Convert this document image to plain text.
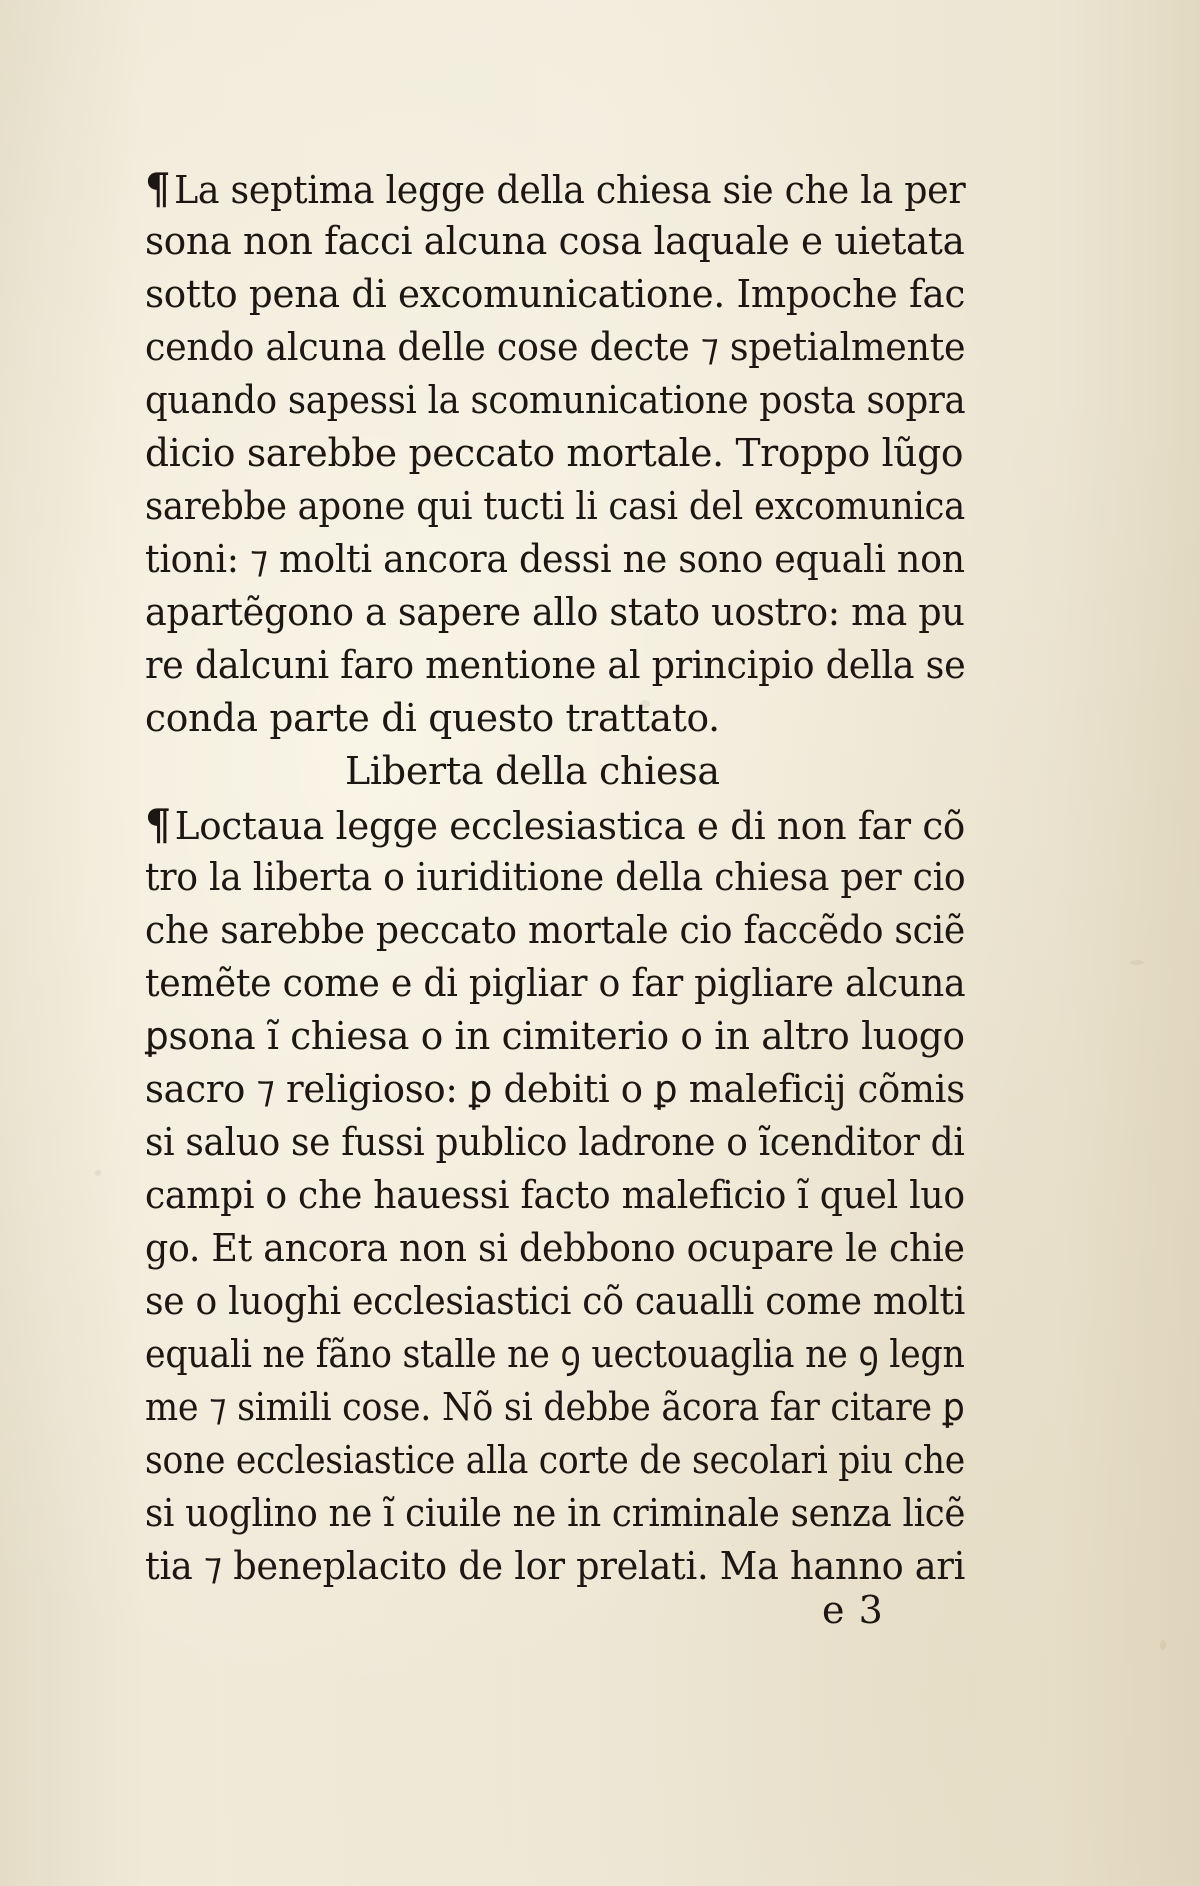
¶ La septima legge della chiesa sie che la per
sona non facci alcuna cosa laquale e uietata
sotto pena di excomunicatione. Impoche fac
cendo alcuna delle cose decte ⁊ spetialmente
quando sapessi la scomunicatione posta sopra
dicio sarebbe peccato mortale. Troppo lũgo
sarebbe apone qui tucti li casi del excomunica
tioni: ⁊ molti ancora dessi ne sono equali non
apartẽgono a sapere allo stato uostro: ma pu
re dalcuni faro mentione al principio della se
conda parte di questo trattato.
Liberta della chiesa
¶ Loctaua legge ecclesiastica e di non far cõ
tro la liberta o iuriditione della chiesa per cio
che sarebbe peccato mortale cio faccẽdo sciẽ
temẽte come e di pigliar o far pigliare alcuna
ꝑsona ĩ chiesa o in cimiterio o in altro luogo
sacro ⁊ religioso: ꝑ debiti o ꝑ maleficij cõmis
si saluo se fussi publico ladrone o ĩcenditor di
campi o che hauessi facto maleficio ĩ quel luo
go. Et ancora non si debbono ocupare le chie
se o luoghi ecclesiastici cõ caualli come molti
equali ne fãno stalle ne ꝯ uectouaglia ne ꝯ legn
me ⁊ simili cose. Nõ si debbe ãcora far citare ꝑ
sone ecclesiastice alla corte de secolari piu che
si uoglino ne ĩ ciuile ne in criminale senza licẽ
tia ⁊ beneplacito de lor prelati. Ma hanno ari
e 3
